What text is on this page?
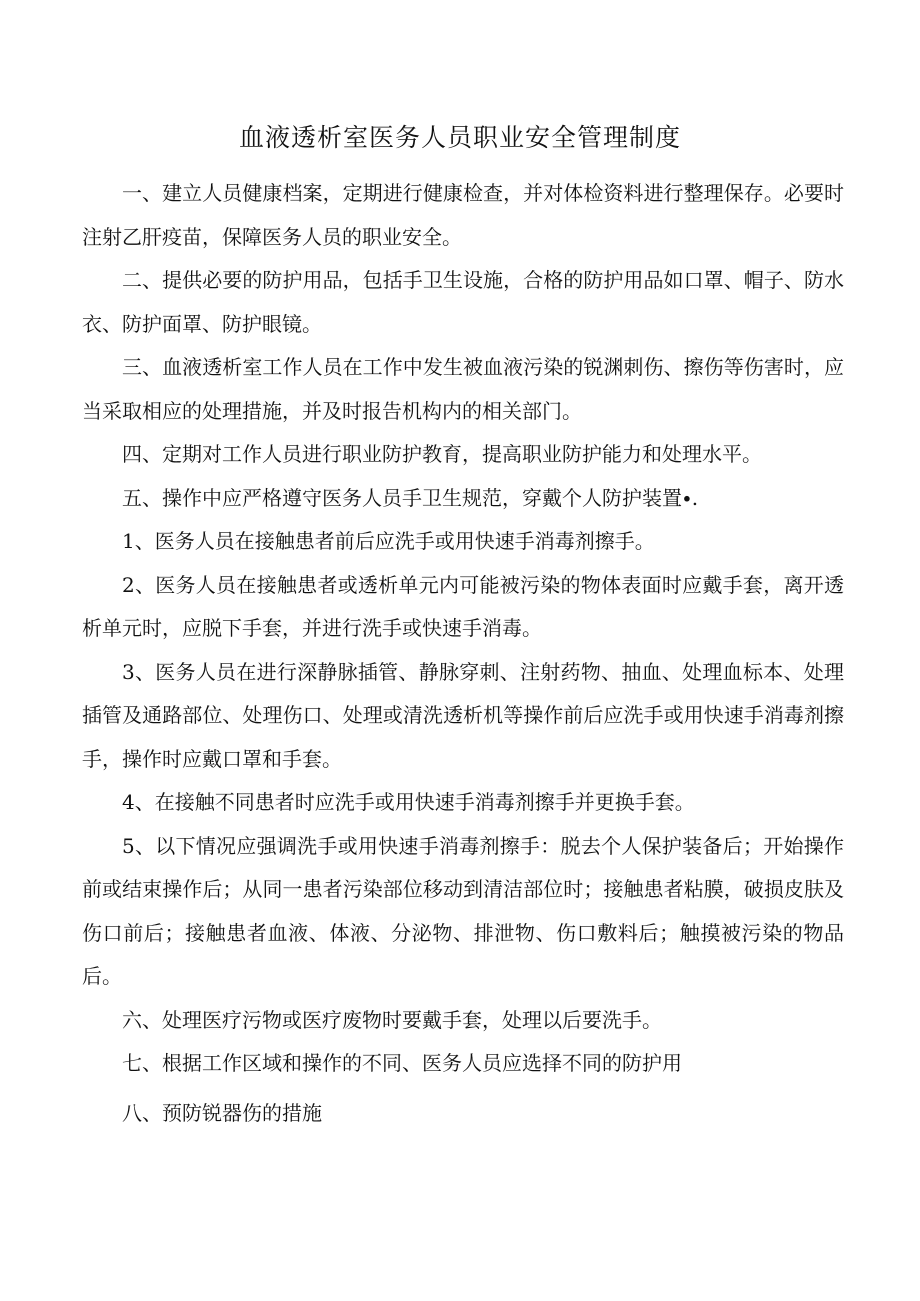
血液透析室医务人员职业安全管理制度

一、建立人员健康档案，定期进行健康检查，并对体检资料进行整理保存。必要时注射乙肝疫苗，保障医务人员的职业安全。

二、提供必要的防护用品，包括手卫生设施，合格的防护用品如口罩、帽子、防水衣、防护面罩、防护眼镜。

三、血液透析室工作人员在工作中发生被血液污染的锐渊刺伤、擦伤等伤害时，应当采取相应的处理措施，并及时报告机构内的相关部门。

四、定期对工作人员进行职业防护教育，提高职业防护能力和处理水平。

五、操作中应严格遵守医务人员手卫生规范，穿戴个人防护装置∙.

1、医务人员在接触患者前后应洗手或用快速手消毒剂擦手。

2、医务人员在接触患者或透析单元内可能被污染的物体表面时应戴手套，离开透析单元时，应脱下手套，并进行洗手或快速手消毒。

3、医务人员在进行深静脉插管、静脉穿刺、注射药物、抽血、处理血标本、处理插管及通路部位、处理伤口、处理或清洗透析机等操作前后应洗手或用快速手消毒剂擦手，操作时应戴口罩和手套。

4、在接触不同患者时应洗手或用快速手消毒剂擦手并更换手套。

5、以下情况应强调洗手或用快速手消毒剂擦手：脱去个人保护装备后；开始操作前或结束操作后；从同一患者污染部位移动到清洁部位时；接触患者粘膜，破损皮肤及伤口前后；接触患者血液、体液、分泌物、排泄物、伤口敷料后；触摸被污染的物品后。

六、处理医疗污物或医疗废物时要戴手套，处理以后要洗手。

七、根据工作区域和操作的不同、医务人员应选择不同的防护用

八、预防锐器伤的措施
